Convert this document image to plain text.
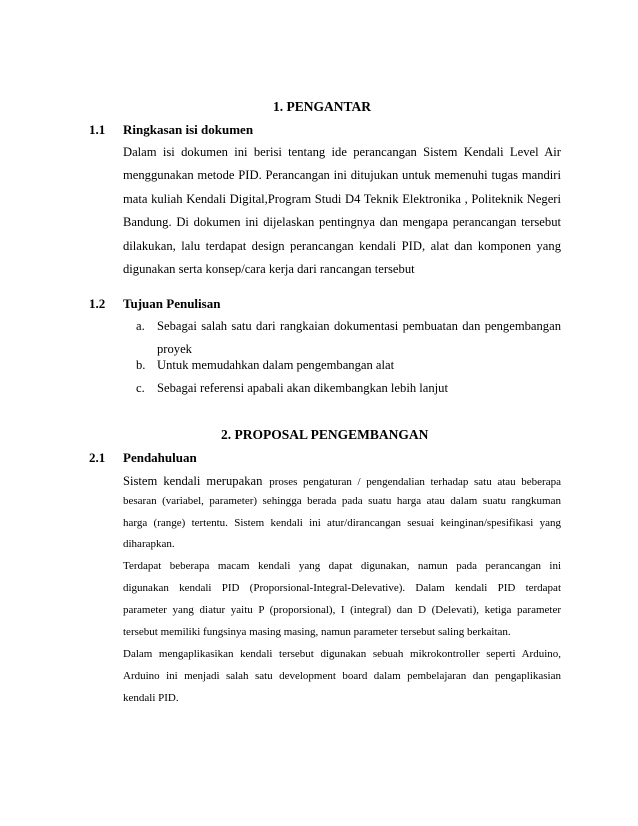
1. PENGANTAR
1.1 Ringkasan isi dokumen
Dalam isi dokumen ini berisi tentang ide perancangan Sistem Kendali Level Air
menggunakan metode PID. Perancangan ini ditujukan untuk memenuhi tugas mandiri
mata kuliah Kendali Digital,Program Studi D4 Teknik Elektronika , Politeknik Negeri
Bandung. Di dokumen ini dijelaskan pentingnya dan mengapa perancangan tersebut
dilakukan, lalu terdapat design perancangan kendali PID, alat dan komponen yang
digunakan serta konsep/cara kerja dari rancangan tersebut
1.2 Tujuan Penulisan
a. Sebagai salah satu dari rangkaian dokumentasi pembuatan dan pengembangan
proyek
b. Untuk memudahkan dalam pengembangan alat
c. Sebagai referensi apabali akan dikembangkan lebih lanjut
2. PROPOSAL PENGEMBANGAN
2.1 Pendahuluan
Sistem kendali merupakan proses pengaturan / pengendalian terhadap satu atau beberapa
besaran (variabel, parameter) sehingga berada pada suatu harga atau dalam suatu rangkuman
harga (range) tertentu. Sistem kendali ini atur/dirancangan sesuai keinginan/spesifikasi yang
diharapkan.
Terdapat beberapa macam kendali yang dapat digunakan, namun pada perancangan ini
digunakan kendali PID (Proporsional-Integral-Delevative). Dalam kendali PID terdapat
parameter yang diatur yaitu P (proporsional), I (integral) dan D (Delevati), ketiga parameter
tersebut memiliki fungsinya masing masing, namun parameter tersebut saling berkaitan.
Dalam mengaplikasikan kendali tersebut digunakan sebuah mikrokontroller seperti Arduino,
Arduino ini menjadi salah satu development board dalam pembelajaran dan pengaplikasian
kendali PID.
